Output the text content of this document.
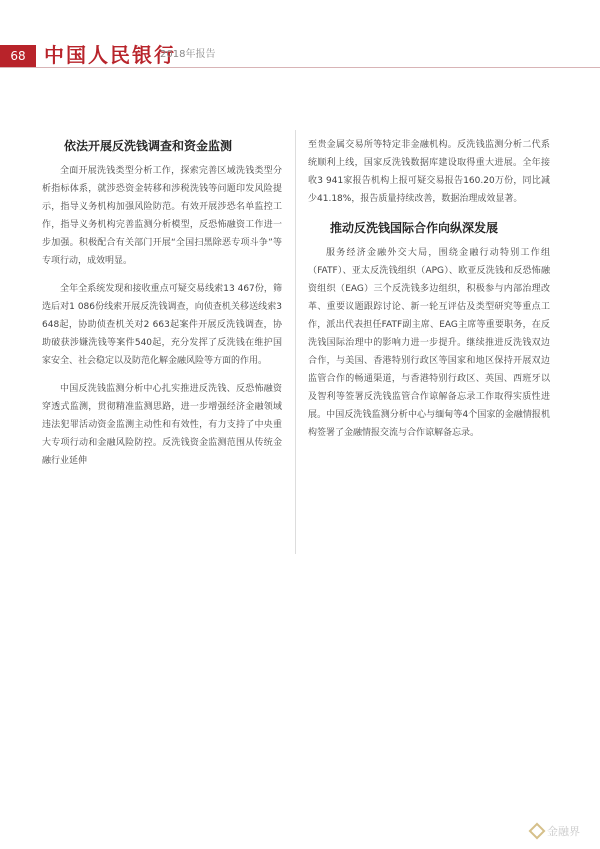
68 中国人民银行
2018年报告
依法开展反洗钱调查和资金监测

全面开展洗钱类型分析工作，探索完善区域洗钱类型分析指标体系，就涉恐资金转移和涉税洗钱等问题印发风险提示，指导义务机构加强风险防范。有效开展涉恐名单监控工作，指导义务机构完善监测分析模型，反恐怖融资工作进一步加强。积极配合有关部门开展“全国扫黑除恶专项斗争”等专项行动，成效明显。

全年全系统发现和接收重点可疑交易线索13 467份，筛选后对1 086份线索开展反洗钱调查，向侦查机关移送线索3 648起，协助侦查机关对2 663起案件开展反洗钱调查，协助破获涉嫌洗钱等案件540起，充分发挥了反洗钱在维护国家安全、社会稳定以及防范化解金融风险等方面的作用。

中国反洗钱监测分析中心扎实推进反洗钱、反恐怖融资穿透式监测，贯彻精准监测思路，进一步增强经济金融领域违法犯罪活动资金监测主动性和有效性，有力支持了中央重大专项行动和金融风险防控。反洗钱资金监测范围从传统金融行业延伸

至贵金属交易所等特定非金融机构。反洗钱监测分析二代系统顺利上线，国家反洗钱数据库建设取得重大进展。全年接收3 941家报告机构上报可疑交易报告160.20万份，同比减少41.18%，报告质量持续改善，数据治理成效显著。

推动反洗钱国际合作向纵深发展

服务经济金融外交大局，围绕金融行动特别工作组（FATF）、亚太反洗钱组织（APG）、欧亚反洗钱和反恐怖融资组织（EAG）三个反洗钱多边组织，积极参与内部治理改革、重要议题跟踪讨论、新一轮互评估及类型研究等重点工作，派出代表担任FATF副主席、EAG主席等重要职务，在反洗钱国际治理中的影响力进一步提升。继续推进反洗钱双边合作，与美国、香港特别行政区等国家和地区保持开展双边监管合作的畅通渠道，与香港特别行政区、英国、西班牙以及智利等签署反洗钱监管合作谅解备忘录工作取得实质性进展。中国反洗钱监测分析中心与缅甸等4个国家的金融情报机构签署了金融情报交流与合作谅解备忘录。

金融界
